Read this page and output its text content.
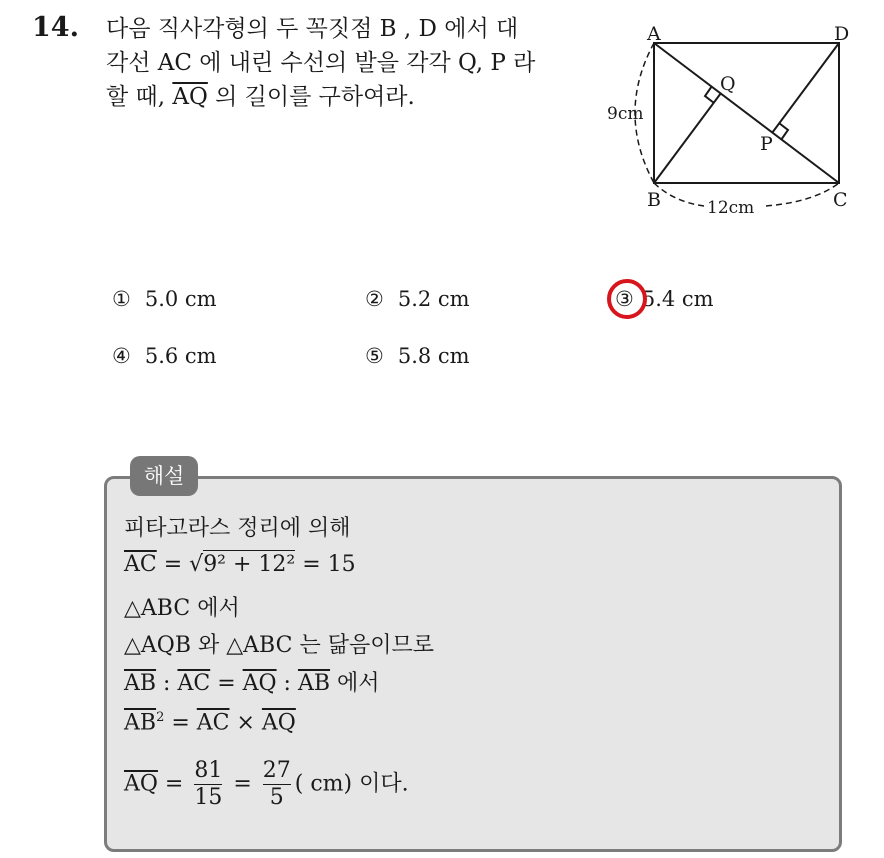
14. 다음 직사각형의 두 꼭짓점 B , D 에서 대
각선 AC 에 내린 수선의 발을 각각 Q, P 라
할 때, $\overline{AQ}$ 의 길이를 구하여라.
A	D
B	C
Q
P
9cm
12cm
① 5.0 cm	② 5.2 cm	③ 5.4 cm
④ 5.6 cm	⑤ 5.8 cm
해설
피타고라스 정리에 의해
$\overline{AC} = √9^2 + 12^2 = 15$
△ABC 에서
△AQB 와 △ABC 는 닮음이므로
$\overline{AB}$ : $\overline{AC} = \overline{AQ}$ : $\overline{AB}$ 에서
$\overline{AB}^2 = \overline{AC} \times \overline{AQ}$
$\overline{AQ} = \frac{81}{15} = \frac{27}{5}$ ( cm) 이다.
